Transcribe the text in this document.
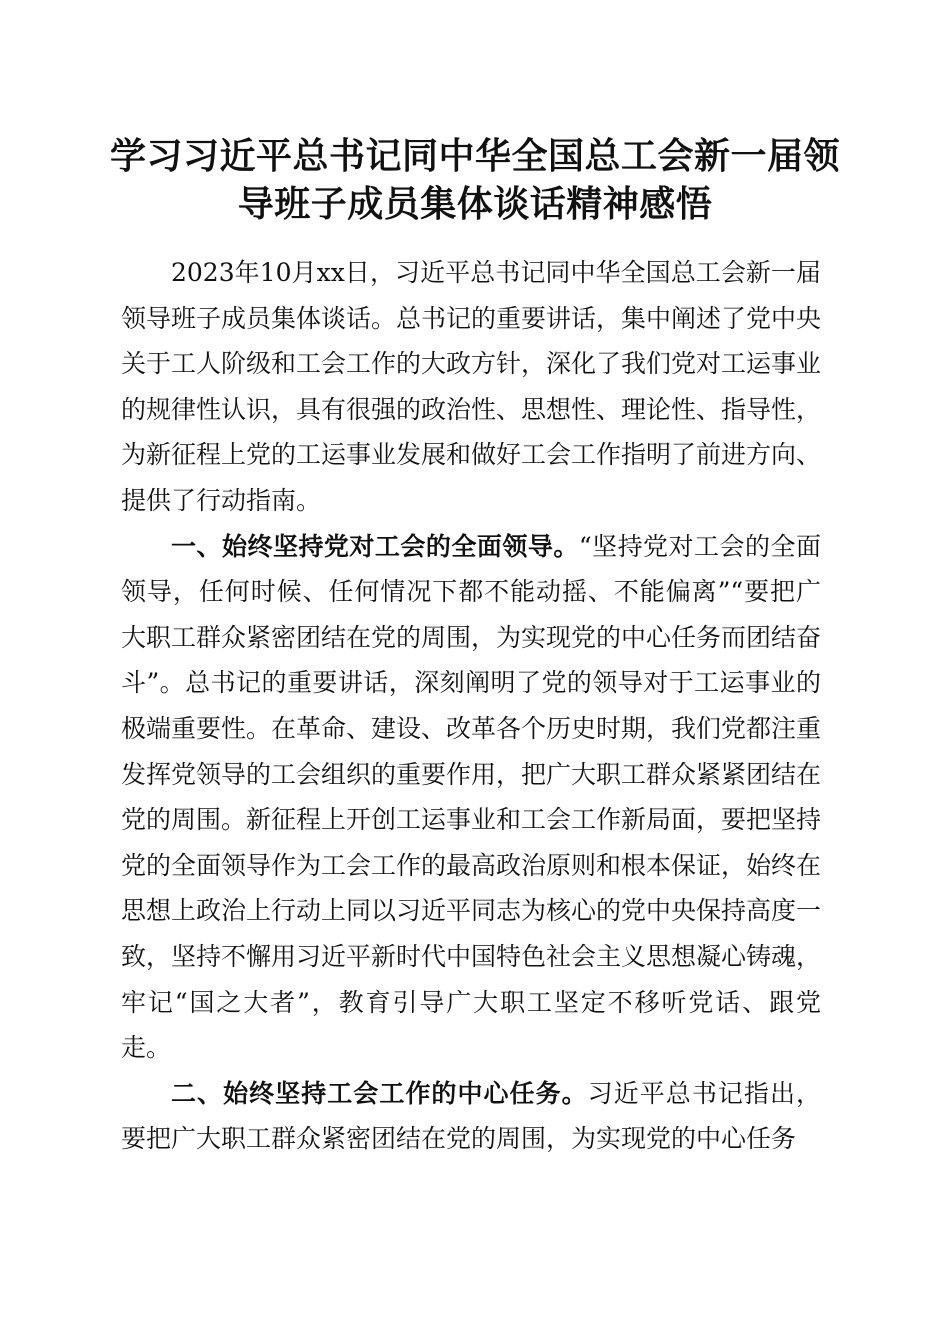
学习习近平总书记同中华全国总工会新一届领导班子成员集体谈话精神感悟

2023年10月xx日，习近平总书记同中华全国总工会新一届领导班子成员集体谈话。总书记的重要讲话，集中阐述了党中央关于工人阶级和工会工作的大政方针，深化了我们党对工运事业的规律性认识，具有很强的政治性、思想性、理论性、指导性，为新征程上党的工运事业发展和做好工会工作指明了前进方向、提供了行动指南。

一、始终坚持党对工会的全面领导。“坚持党对工会的全面领导，任何时候、任何情况下都不能动摇、不能偏离”“要把广大职工群众紧密团结在党的周围，为实现党的中心任务而团结奋斗”。总书记的重要讲话，深刻阐明了党的领导对于工运事业的极端重要性。在革命、建设、改革各个历史时期，我们党都注重发挥党领导的工会组织的重要作用，把广大职工群众紧紧团结在党的周围。新征程上开创工运事业和工会工作新局面，要把坚持党的全面领导作为工会工作的最高政治原则和根本保证，始终在思想上政治上行动上同以习近平同志为核心的党中央保持高度一致，坚持不懈用习近平新时代中国特色社会主义思想凝心铸魂，牢记“国之大者”，教育引导广大职工坚定不移听党话、跟党走。

二、始终坚持工会工作的中心任务。习近平总书记指出，要把广大职工群众紧密团结在党的周围，为实现党的中心任务
